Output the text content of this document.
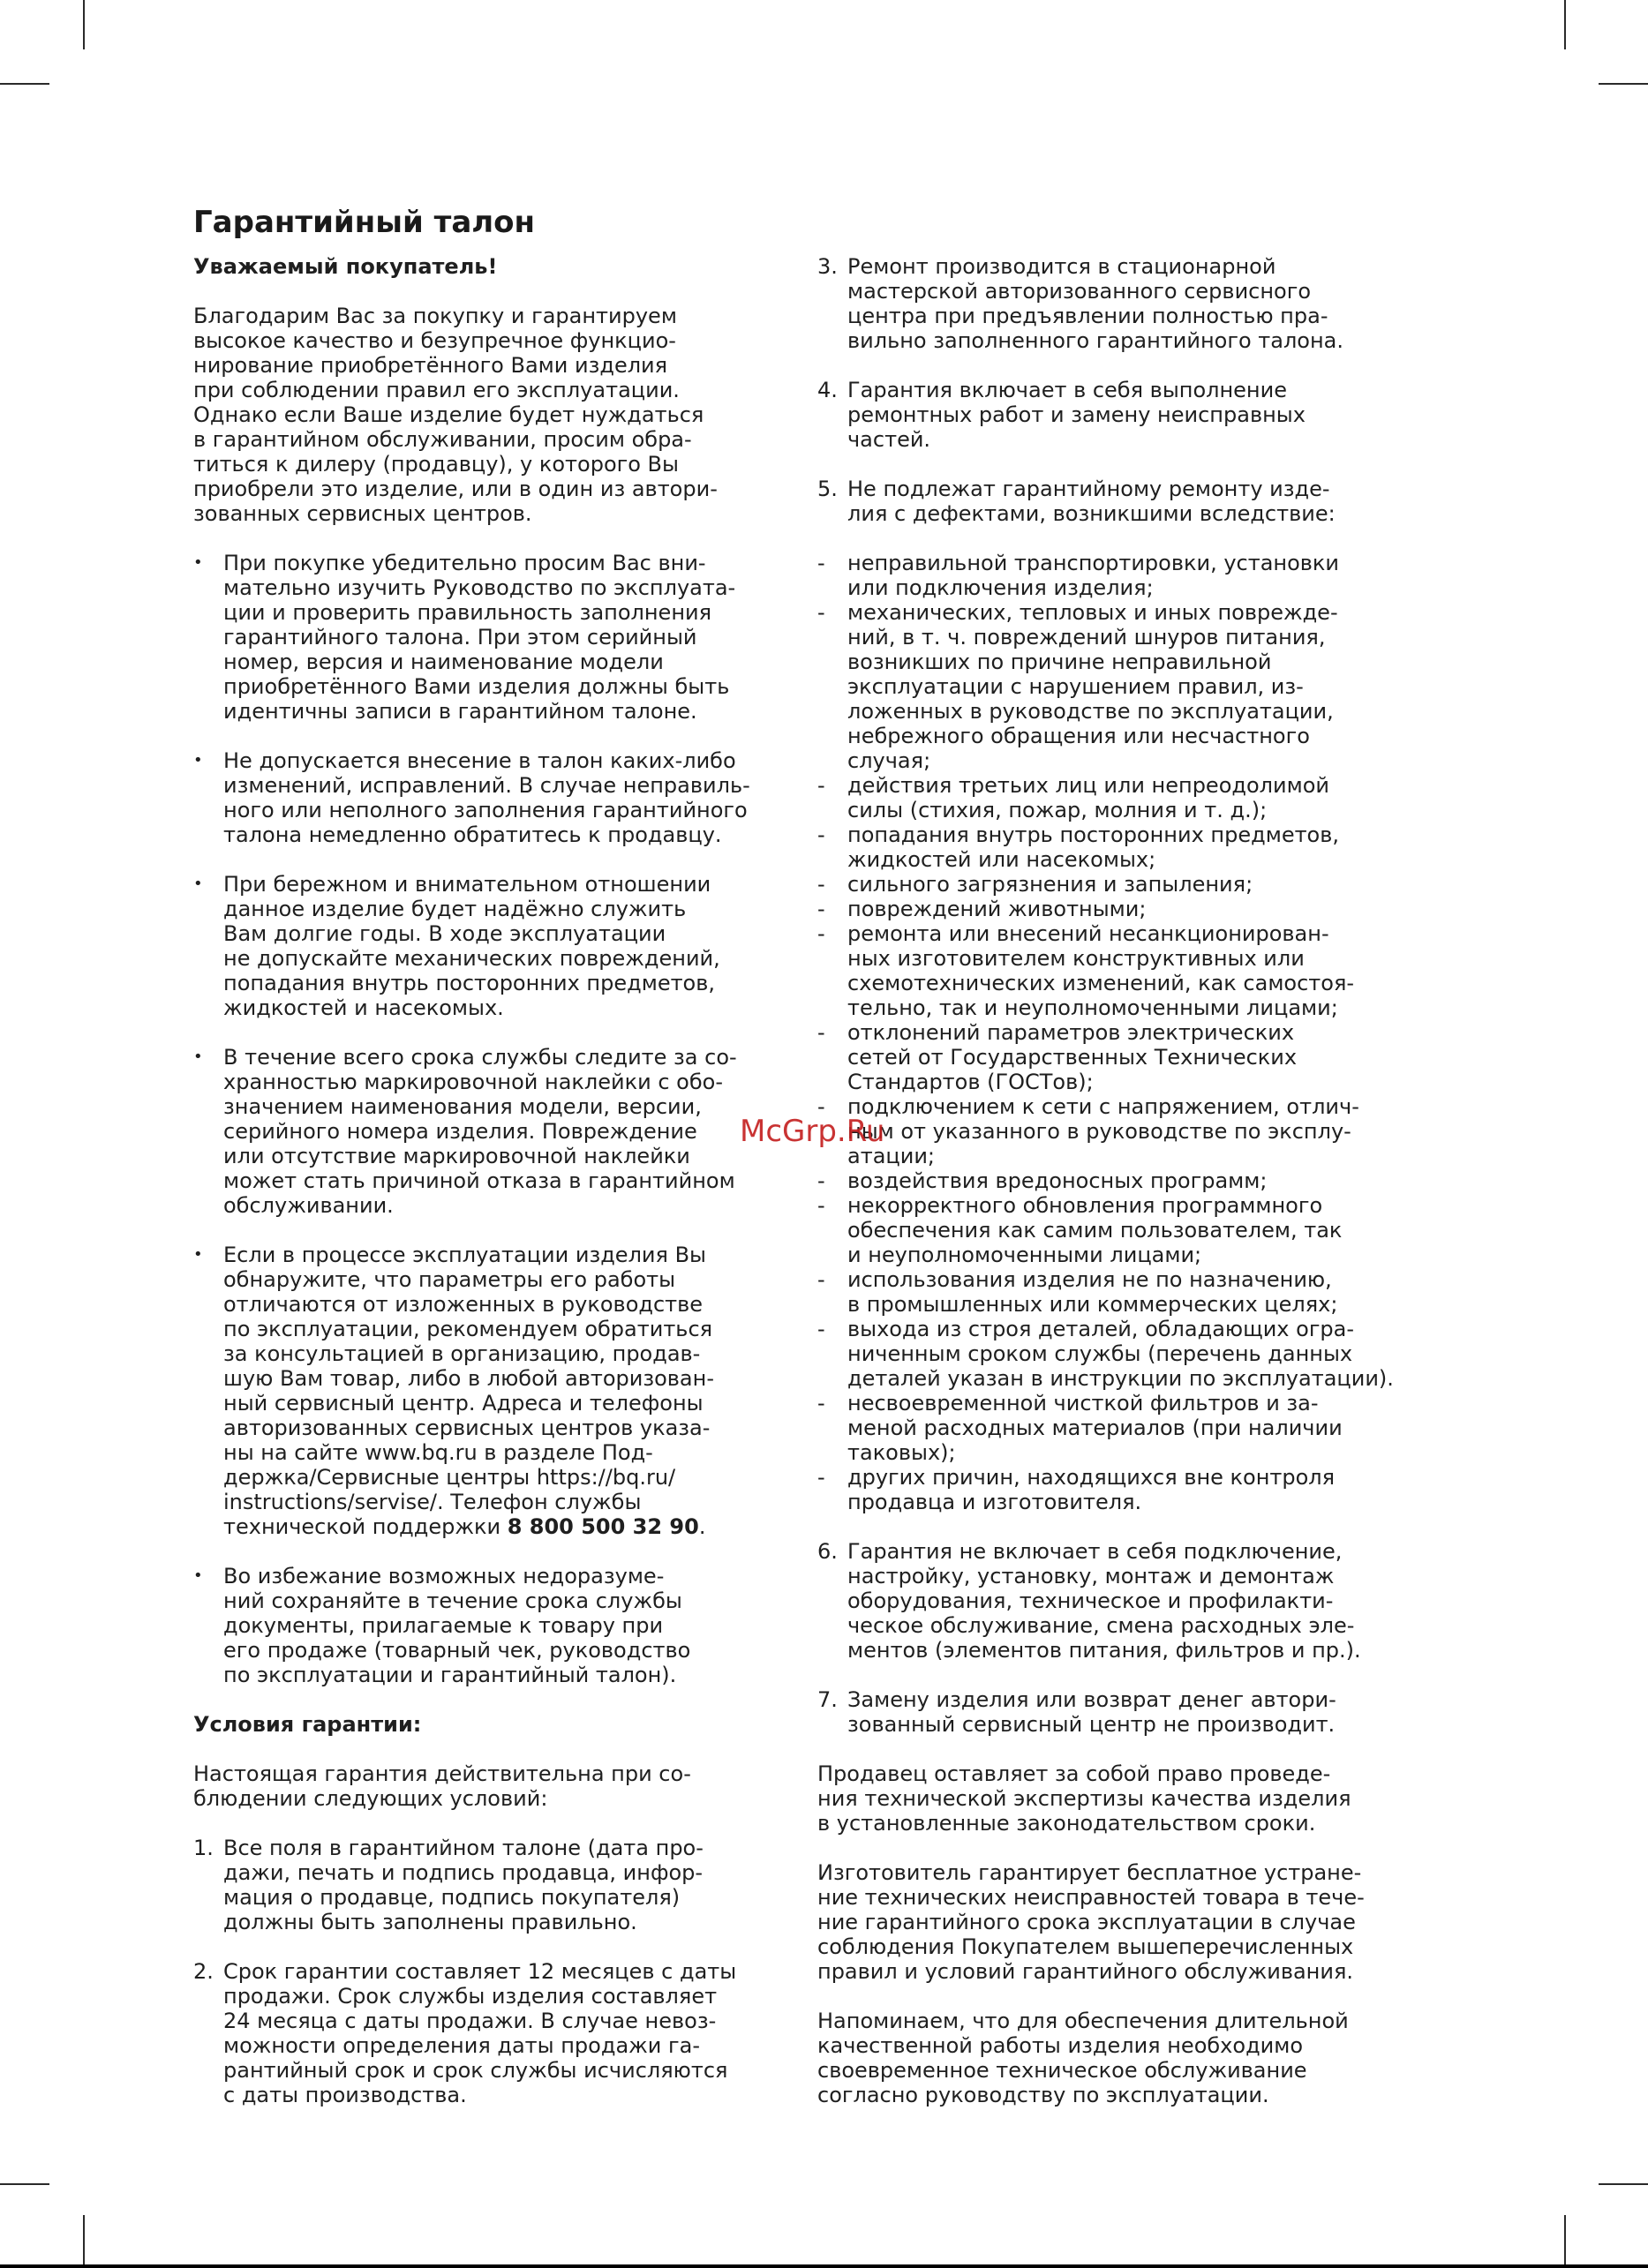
Гарантийный талон

Уважаемый покупатель!

Благодарим Вас за покупку и гарантируем
высокое качество и безупречное функцио-
нирование приобретённого Вами изделия
при соблюдении правил его эксплуатации.
Однако если Ваше изделие будет нуждаться
в гарантийном обслуживании, просим обра-
титься к дилеру (продавцу), у которого Вы
приобрели это изделие, или в один из автори-
зованных сервисных центров.

• При покупке убедительно просим Вас вни-
мательно изучить Руководство по эксплуата-
ции и проверить правильность заполнения
гарантийного талона. При этом серийный
номер, версия и наименование модели
приобретённого Вами изделия должны быть
идентичны записи в гарантийном талоне.

• Не допускается внесение в талон каких-либо
изменений, исправлений. В случае неправиль-
ного или неполного заполнения гарантийного
талона немедленно обратитесь к продавцу.

• При бережном и внимательном отношении
данное изделие будет надёжно служить
Вам долгие годы. В ходе эксплуатации
не допускайте механических повреждений,
попадания внутрь посторонних предметов,
жидкостей и насекомых.

• В течение всего срока службы следите за со-
хранностью маркировочной наклейки с обо-
значением наименования модели, версии,
серийного номера изделия. Повреждение
или отсутствие маркировочной наклейки
может стать причиной отказа в гарантийном
обслуживании.

• Если в процессе эксплуатации изделия Вы
обнаружите, что параметры его работы
отличаются от изложенных в руководстве
по эксплуатации, рекомендуем обратиться
за консультацией в организацию, продав-
шую Вам товар, либо в любой авторизован-
ный сервисный центр. Адреса и телефоны
авторизованных сервисных центров указа-
ны на сайте www.bq.ru в разделе Под-
держка/Сервисные центры https://bq.ru/
instructions/servise/. Телефон службы
технической поддержки 8 800 500 32 90.

• Во избежание возможных недоразуме-
ний сохраняйте в течение срока службы
документы, прилагаемые к товару при
его продаже (товарный чек, руководство
по эксплуатации и гарантийный талон).

Условия гарантии:

Настоящая гарантия действительна при со-
блюдении следующих условий:

1. Все поля в гарантийном талоне (дата про-
дажи, печать и подпись продавца, инфор-
мация о продавце, подпись покупателя)
должны быть заполнены правильно.

2. Срок гарантии составляет 12 месяцев с даты
продажи. Срок службы изделия составляет
24 месяца с даты продажи. В случае невоз-
можности определения даты продажи га-
рантийный срок и срок службы исчисляются
с даты производства.

3. Ремонт производится в стационарной
мастерской авторизованного сервисного
центра при предъявлении полностью пра-
вильно заполненного гарантийного талона.

4. Гарантия включает в себя выполнение
ремонтных работ и замену неисправных
частей.

5. Не подлежат гарантийному ремонту изде-
лия с дефектами, возникшими вследствие:

- неправильной транспортировки, установки
или подключения изделия;

- механических, тепловых и иных поврежде-
ний, в т. ч. повреждений шнуров питания,
возникших по причине неправильной
эксплуатации с нарушением правил, из-
ложенных в руководстве по эксплуатации,
небрежного обращения или несчастного
случая;

- действия третьих лиц или непреодолимой
силы (стихия, пожар, молния и т. д.);

- попадания внутрь посторонних предметов,
жидкостей или насекомых;

- сильного загрязнения и запыления;

- повреждений животными;

- ремонта или внесений несанкционирован-
ных изготовителем конструктивных или
схемотехнических изменений, как самостоя-
тельно, так и неуполномоченными лицами;

- отклонений параметров электрических
сетей от Государственных Технических
Стандартов (ГОСТов);

- подключением к сети с напряжением, отлич-
ным от указанного в руководстве по эксплу-
атации;

- воздействия вредоносных программ;

- некорректного обновления программного
обеспечения как самим пользователем, так
и неуполномоченными лицами;

- использования изделия не по назначению,
в промышленных или коммерческих целях;

- выхода из строя деталей, обладающих огра-
ниченным сроком службы (перечень данных
деталей указан в инструкции по эксплуатации).

- несвоевременной чисткой фильтров и за-
меной расходных материалов (при наличии
таковых);

- других причин, находящихся вне контроля
продавца и изготовителя.

6. Гарантия не включает в себя подключение,
настройку, установку, монтаж и демонтаж
оборудования, техническое и профилакти-
ческое обслуживание, смена расходных эле-
ментов (элементов питания, фильтров и пр.).

7. Замену изделия или возврат денег автори-
зованный сервисный центр не производит.

Продавец оставляет за собой право проведе-
ния технической экспертизы качества изделия
в установленные законодательством сроки.

Изготовитель гарантирует бесплатное устране-
ние технических неисправностей товара в тече-
ние гарантийного срока эксплуатации в случае
соблюдения Покупателем вышеперечисленных
правил и условий гарантийного обслуживания.

Напоминаем, что для обеспечения длительной
качественной работы изделия необходимо
своевременное техническое обслуживание
согласно руководству по эксплуатации.

McGrp.Ru
